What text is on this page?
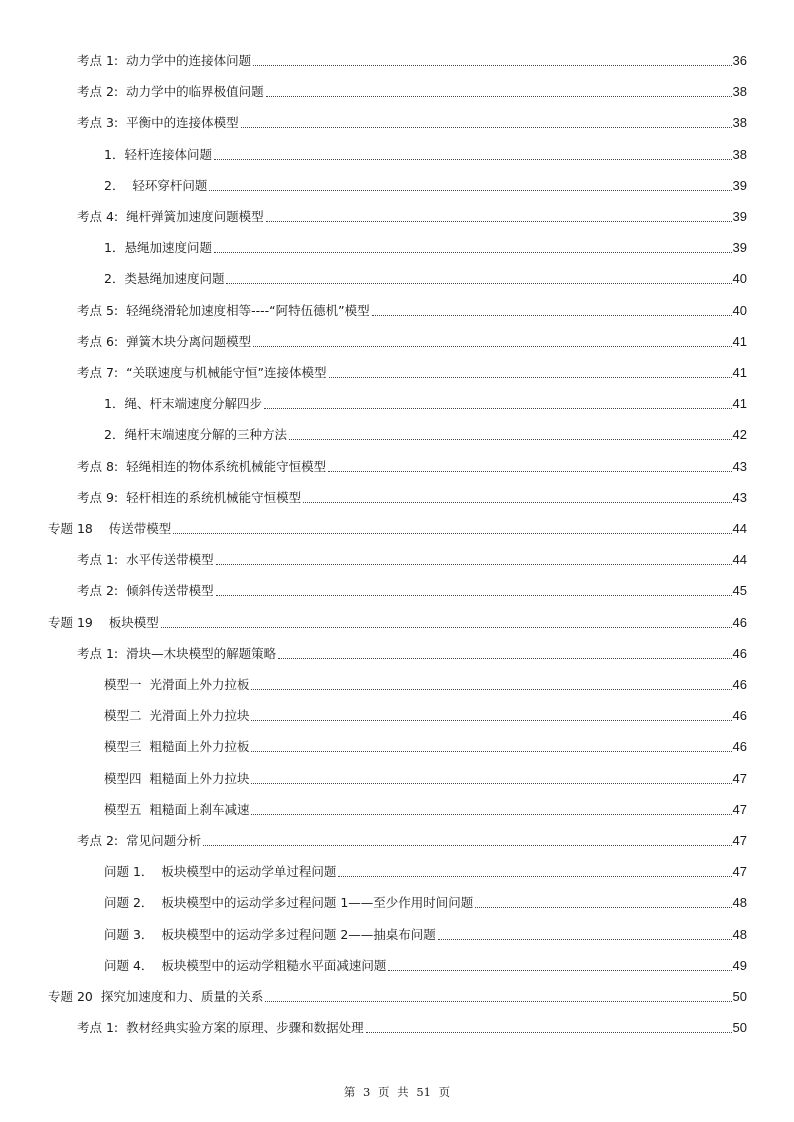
考点 1:  动力学中的连接体问题	36
考点 2:  动力学中的临界极值问题	38
考点 3:  平衡中的连接体模型	38
1．轻杆连接体问题	38
2．  轻环穿杆问题	39
考点 4:  绳杆弹簧加速度问题模型	39
1．悬绳加速度问题	39
2．类悬绳加速度问题	40
考点 5:  轻绳绕滑轮加速度相等----“阿特伍德机”模型	40
考点 6:  弹簧木块分离问题模型	41
考点 7:  “关联速度与机械能守恒”连接体模型	41
1．绳、杆末端速度分解四步	41
2．绳杆末端速度分解的三种方法	42
考点 8:  轻绳相连的物体系统机械能守恒模型	43
考点 9:  轻杆相连的系统机械能守恒模型	43
专题 18    传送带模型	44
考点 1:  水平传送带模型	44
考点 2:  倾斜传送带模型	45
专题 19    板块模型	46
考点 1:  滑块—木块模型的解题策略	46
模型一  光滑面上外力拉板	46
模型二  光滑面上外力拉块	46
模型三  粗糙面上外力拉板	46
模型四  粗糙面上外力拉块	47
模型五  粗糙面上刹车减速	47
考点 2:  常见问题分析	47
问题 1．  板块模型中的运动学单过程问题	47
问题 2．  板块模型中的运动学多过程问题 1——至少作用时间问题	48
问题 3．  板块模型中的运动学多过程问题 2——抽桌布问题	48
问题 4．  板块模型中的运动学粗糙水平面减速问题	49
专题 20  探究加速度和力、质量的关系	50
考点 1:  教材经典实验方案的原理、步骤和数据处理	50
第 3 页 共 51 页
